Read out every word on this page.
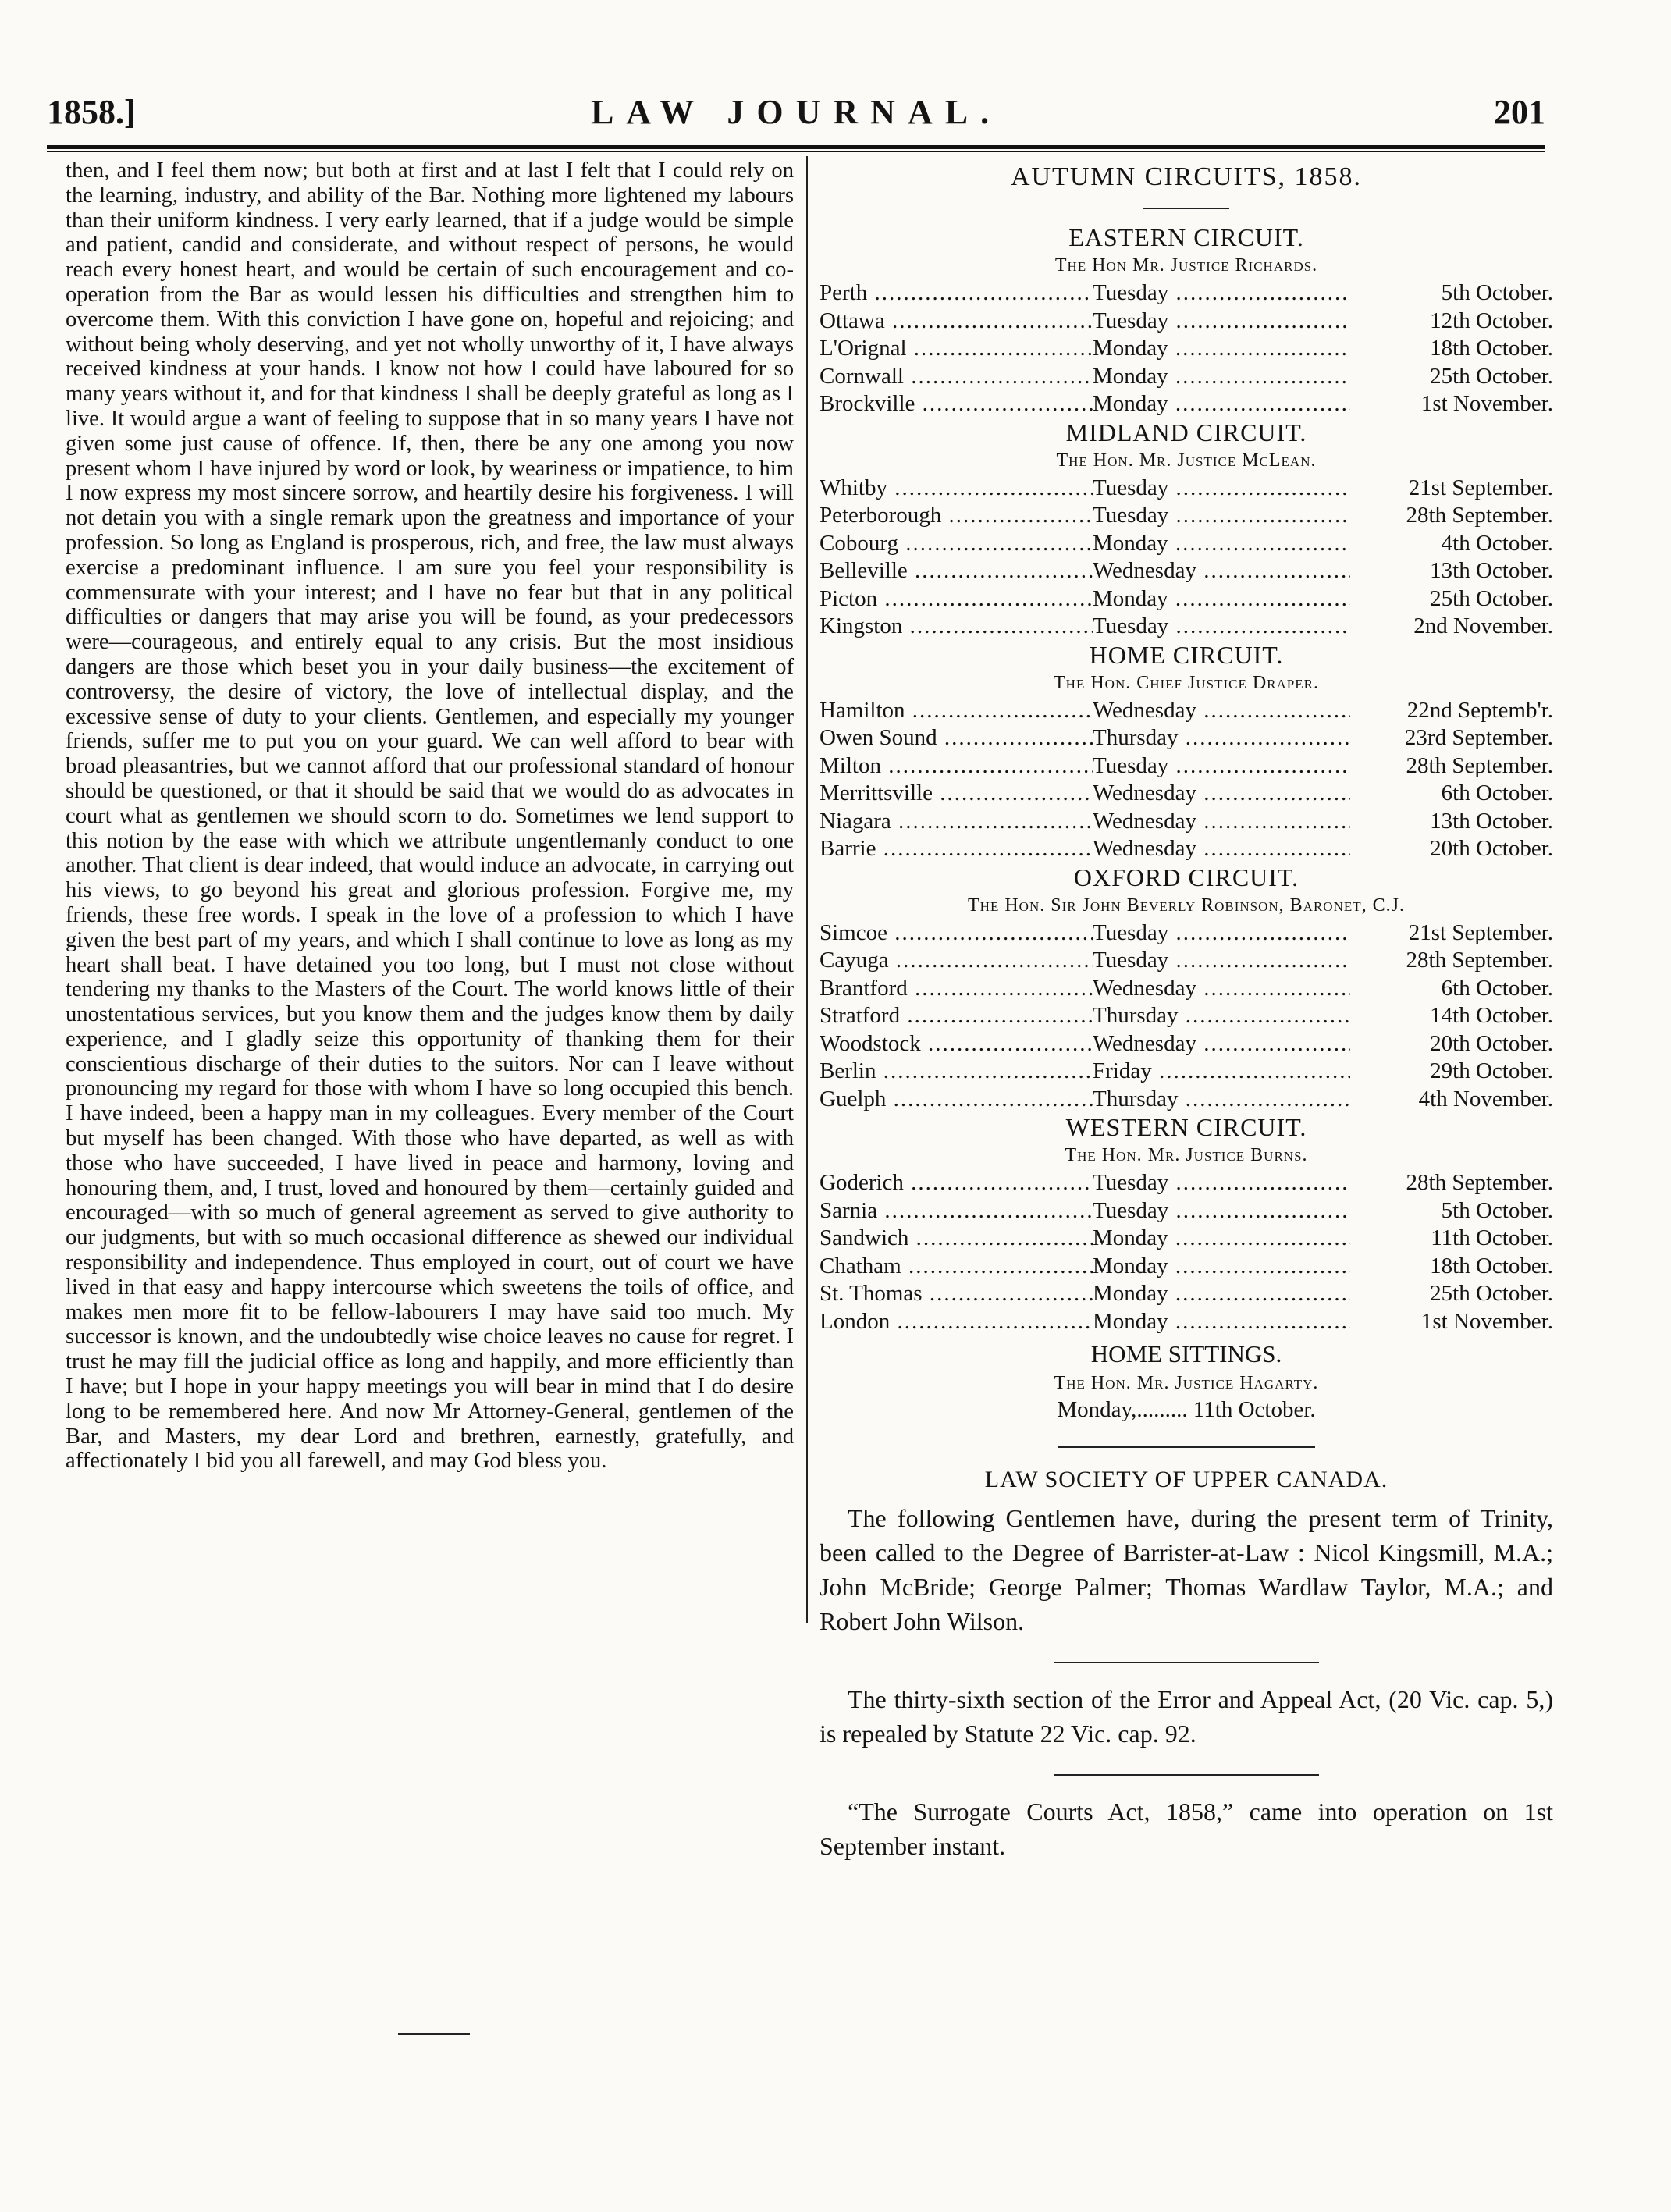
1858.]	LAW JOURNAL.	201

then, and I feel them now; but both at first and at last I felt that I could rely on the learning, industry, and ability of the Bar. Nothing more lightened my labours than their uniform kindness. I very early learned, that if a judge would be simple and patient, candid and considerate, and without respect of persons, he would reach every honest heart, and would be certain of such encouragement and co-operation from the Bar as would lessen his difficulties and strengthen him to overcome them. With this conviction I have gone on, hopeful and rejoicing; and without being wholy deserving, and yet not wholly unworthy of it, I have always received kindness at your hands. I know not how I could have laboured for so many years without it, and for that kindness I shall be deeply grateful as long as I live. It would argue a want of feeling to suppose that in so many years I have not given some just cause of offence. If, then, there be any one among you now present whom I have injured by word or look, by weariness or impatience, to him I now express my most sincere sorrow, and heartily desire his forgiveness. I will not detain you with a single remark upon the greatness and importance of your profession. So long as England is prosperous, rich, and free, the law must always exercise a predominant influence. I am sure you feel your responsibility is commensurate with your interest; and I have no fear but that in any political difficulties or dangers that may arise you will be found, as your predecessors were—courageous, and entirely equal to any crisis. But the most insidious dangers are those which beset you in your daily business—the excitement of controversy, the desire of victory, the love of intellectual display, and the excessive sense of duty to your clients. Gentlemen, and especially my younger friends, suffer me to put you on your guard. We can well afford to bear with broad pleasantries, but we cannot afford that our professional standard of honour should be questioned, or that it should be said that we would do as advocates in court what as gentlemen we should scorn to do. Sometimes we lend support to this notion by the ease with which we attribute ungentlemanly conduct to one another. That client is dear indeed, that would induce an advocate, in carrying out his views, to go beyond his great and glorious profession. Forgive me, my friends, these free words. I speak in the love of a profession to which I have given the best part of my years, and which I shall continue to love as long as my heart shall beat. I have detained you too long, but I must not close without tendering my thanks to the Masters of the Court. The world knows little of their unostentatious services, but you know them and the judges know them by daily experience, and I gladly seize this opportunity of thanking them for their conscientious discharge of their duties to the suitors. Nor can I leave without pronouncing my regard for those with whom I have so long occupied this bench. I have indeed, been a happy man in my colleagues. Every member of the Court but myself has been changed. With those who have departed, as well as with those who have succeeded, I have lived in peace and harmony, loving and honouring them, and, I trust, loved and honoured by them—certainly guided and encouraged—with so much of general agreement as served to give authority to our judgments, but with so much occasional difference as shewed our individual responsibility and independence. Thus employed in court, out of court we have lived in that easy and happy intercourse which sweetens the toils of office, and makes men more fit to be fellow-labourers I may have said too much. My successor is known, and the undoubtedly wise choice leaves no cause for regret. I trust he may fill the judicial office as long and happily, and more efficiently than I have; but I hope in your happy meetings you will bear in mind that I do desire long to be remembered here. And now Mr Attorney-General, gentlemen of the Bar, and Masters, my dear Lord and brethren, earnestly, gratefully, and affectionately I bid you all farewell, and may God bless you.

AUTUMN CIRCUITS, 1858.

EASTERN CIRCUIT.

The Hon Mr. Justice Richards.

Perth .....	Tuesday .....	5th October.
Ottawa .....	Tuesday .....	12th October.
L'Orignal .....	Monday .....	18th October.
Cornwall .....	Monday .....	25th October.
Brockville .....	Monday .....	1st November.

MIDLAND CIRCUIT.

The Hon. Mr. Justice McLean.

Whitby .....	Tuesday .....	21st September.
Peterborough .....	Tuesday .....	28th September.
Cobourg .....	Monday .....	4th October.
Belleville .....	Wednesday .....	13th October.
Picton .....	Monday .....	25th October.
Kingston .....	Tuesday .....	2nd November.

HOME CIRCUIT.

The Hon. Chief Justice Draper.

Hamilton .....	Wednesday .....	22nd Septemb'r.
Owen Sound .....	Thursday .....	23rd September.
Milton .....	Tuesday .....	28th September.
Merrittsville .....	Wednesday .....	6th October.
Niagara .....	Wednesday .....	13th October.
Barrie .....	Wednesday .....	20th October.

OXFORD CIRCUIT.

The Hon. Sir John Beverly Robinson, Baronet, C.J.

Simcoe .....	Tuesday .....	21st September.
Cayuga .....	Tuesday .....	28th September.
Brantford .....	Wednesday .....	6th October.
Stratford .....	Thursday .....	14th October.
Woodstock .....	Wednesday .....	20th October.
Berlin .....	Friday .....	29th October.
Guelph .....	Thursday .....	4th November.

WESTERN CIRCUIT.

The Hon. Mr. Justice Burns.

Goderich .....	Tuesday .....	28th September.
Sarnia .....	Tuesday .....	5th October.
Sandwich .....	Monday .....	11th October.
Chatham .....	Monday .....	18th October.
St. Thomas .....	Monday .....	25th October.
London .....	Monday .....	1st November.

HOME SITTINGS.

The Hon. Mr. Justice Hagarty.

Monday,......... 11th October.

LAW SOCIETY OF UPPER CANADA.

The following Gentlemen have, during the present term of Trinity, been called to the Degree of Barrister-at-Law : Nicol Kingsmill, M.A.; John McBride; George Palmer; Thomas Wardlaw Taylor, M.A.; and Robert John Wilson.

The thirty-sixth section of the Error and Appeal Act, (20 Vic. cap. 5,) is repealed by Statute 22 Vic. cap. 92.

“The Surrogate Courts Act, 1858,” came into operation on 1st September instant.
